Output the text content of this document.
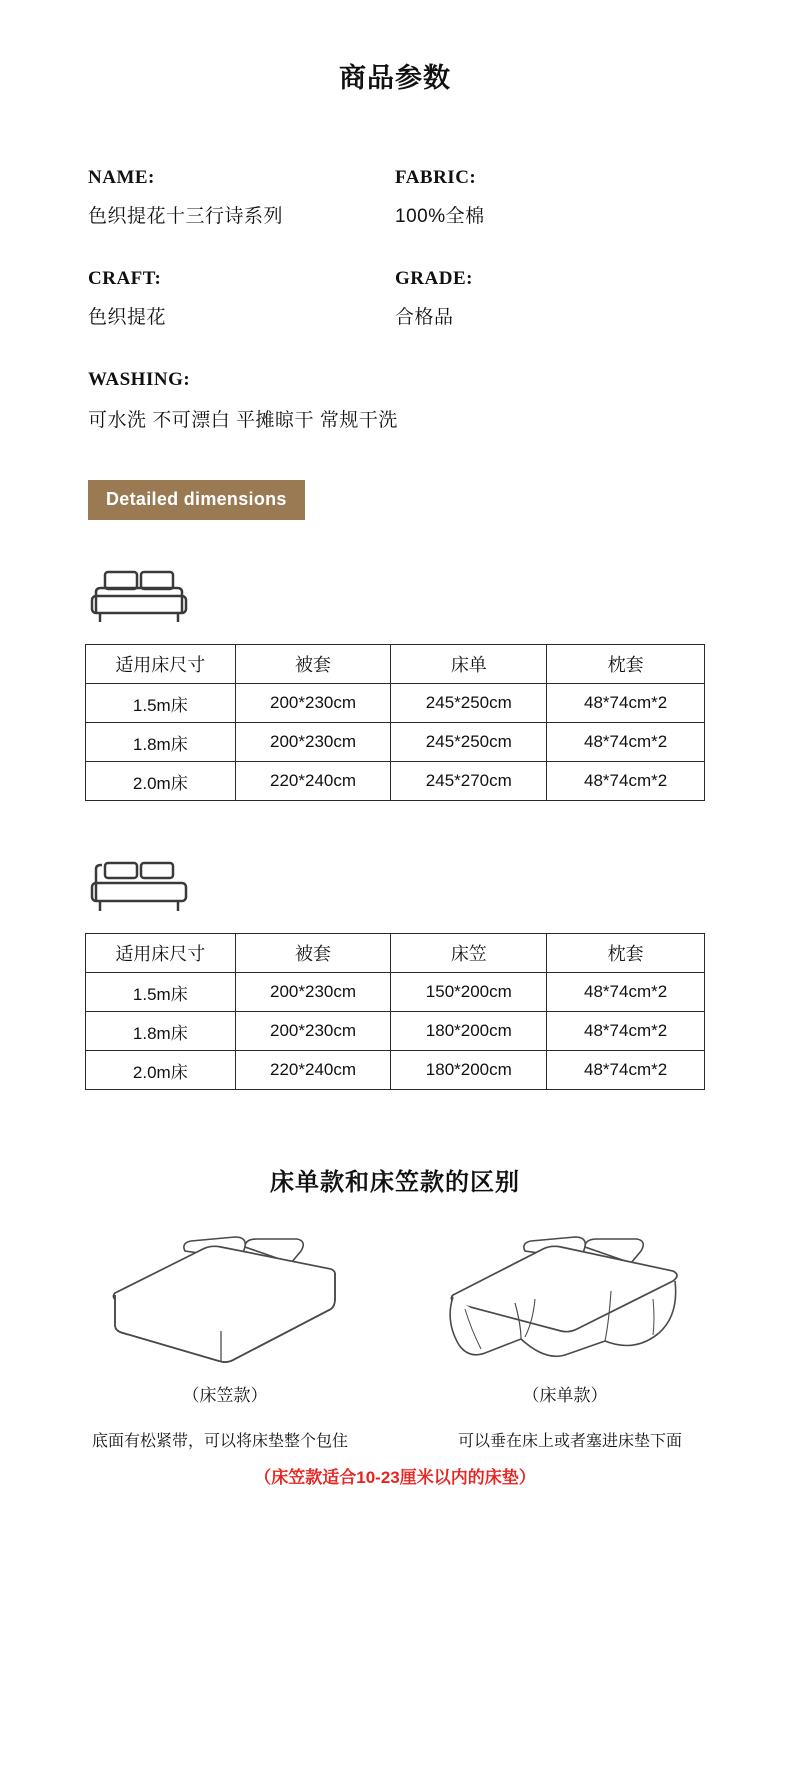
商品参数
NAME:
色织提花十三行诗系列
FABRIC:
100%全棉
CRAFT:
色织提花
GRADE:
合格品
WASHING:
可水洗 不可漂白 平摊晾干 常规干洗
Detailed dimensions
适用床尺寸	被套	床单	枕套
1.5m床	200*230cm	245*250cm	48*74cm*2
1.8m床	200*230cm	245*250cm	48*74cm*2
2.0m床	220*240cm	245*270cm	48*74cm*2
适用床尺寸	被套	床笠	枕套
1.5m床	200*230cm	150*200cm	48*74cm*2
1.8m床	200*230cm	180*200cm	48*74cm*2
2.0m床	220*240cm	180*200cm	48*74cm*2
床单款和床笠款的区别
（床笠款）	（床单款）
底面有松紧带，可以将床垫整个包住	可以垂在床上或者塞进床垫下面
（床笠款适合10-23厘米以内的床垫）
